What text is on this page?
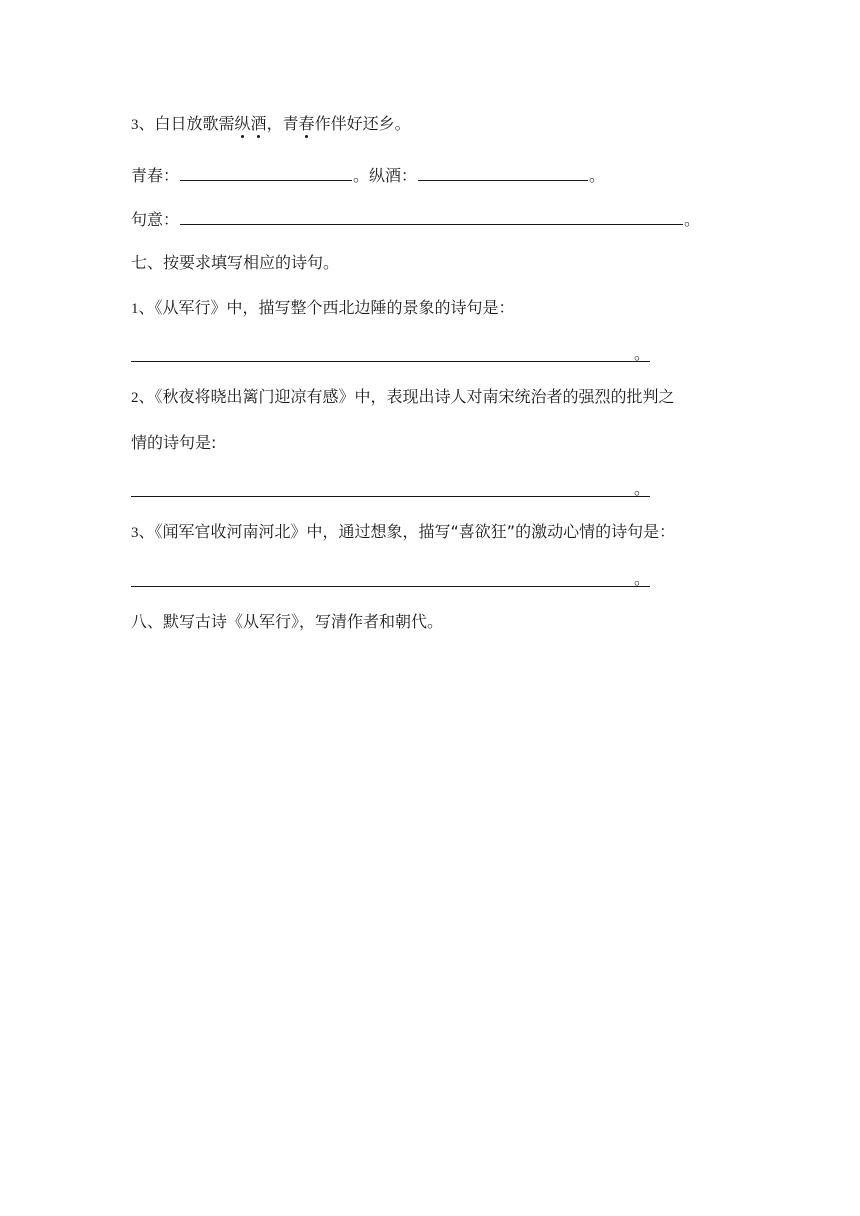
3、白日放歌需纵酒，青春作伴好还乡。
青春：	。纵酒：	。
句意：	。
七、按要求填写相应的诗句。
1、《从军行》中，描写整个西北边陲的景象的诗句是：
。
2、《秋夜将晓出篱门迎凉有感》中，表现出诗人对南宋统治者的强烈的批判之
情的诗句是:
。
3、《闻军官收河南河北》中，通过想象，描写“喜欲狂”的激动心情的诗句是：
。
八、默写古诗《从军行》，写清作者和朝代。
